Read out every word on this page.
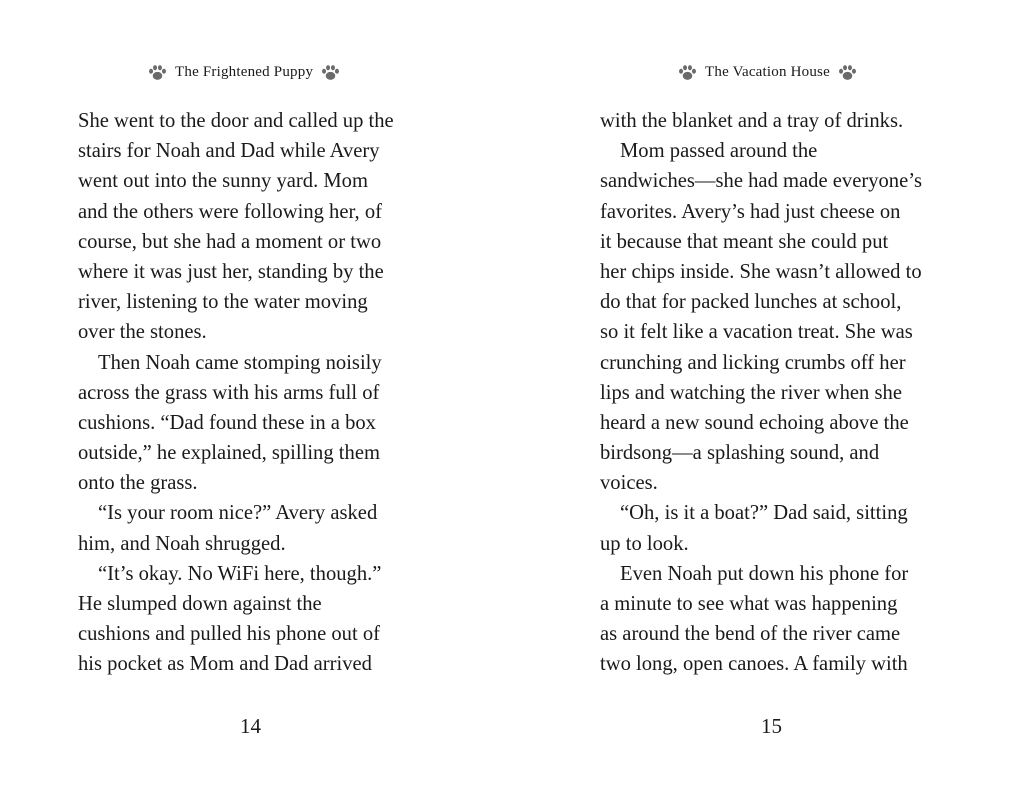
The Frightened Puppy
She went to the door and called up the
stairs for Noah and Dad while Avery
went out into the sunny yard. Mom
and the others were following her, of
course, but she had a moment or two
where it was just her, standing by the
river, listening to the water moving
over the stones.
Then Noah came stomping noisily
across the grass with his arms full of
cushions. “Dad found these in a box
outside,” he explained, spilling them
onto the grass.
“Is your room nice?” Avery asked
him, and Noah shrugged.
“It’s okay. No WiFi here, though.”
He slumped down against the
cushions and pulled his phone out of
his pocket as Mom and Dad arrived
14
The Vacation House
with the blanket and a tray of drinks.
Mom passed around the
sandwiches—she had made everyone’s
favorites. Avery’s had just cheese on
it because that meant she could put
her chips inside. She wasn’t allowed to
do that for packed lunches at school,
so it felt like a vacation treat. She was
crunching and licking crumbs off her
lips and watching the river when she
heard a new sound echoing above the
birdsong—a splashing sound, and
voices.
“Oh, is it a boat?” Dad said, sitting
up to look.
Even Noah put down his phone for
a minute to see what was happening
as around the bend of the river came
two long, open canoes. A family with
15
